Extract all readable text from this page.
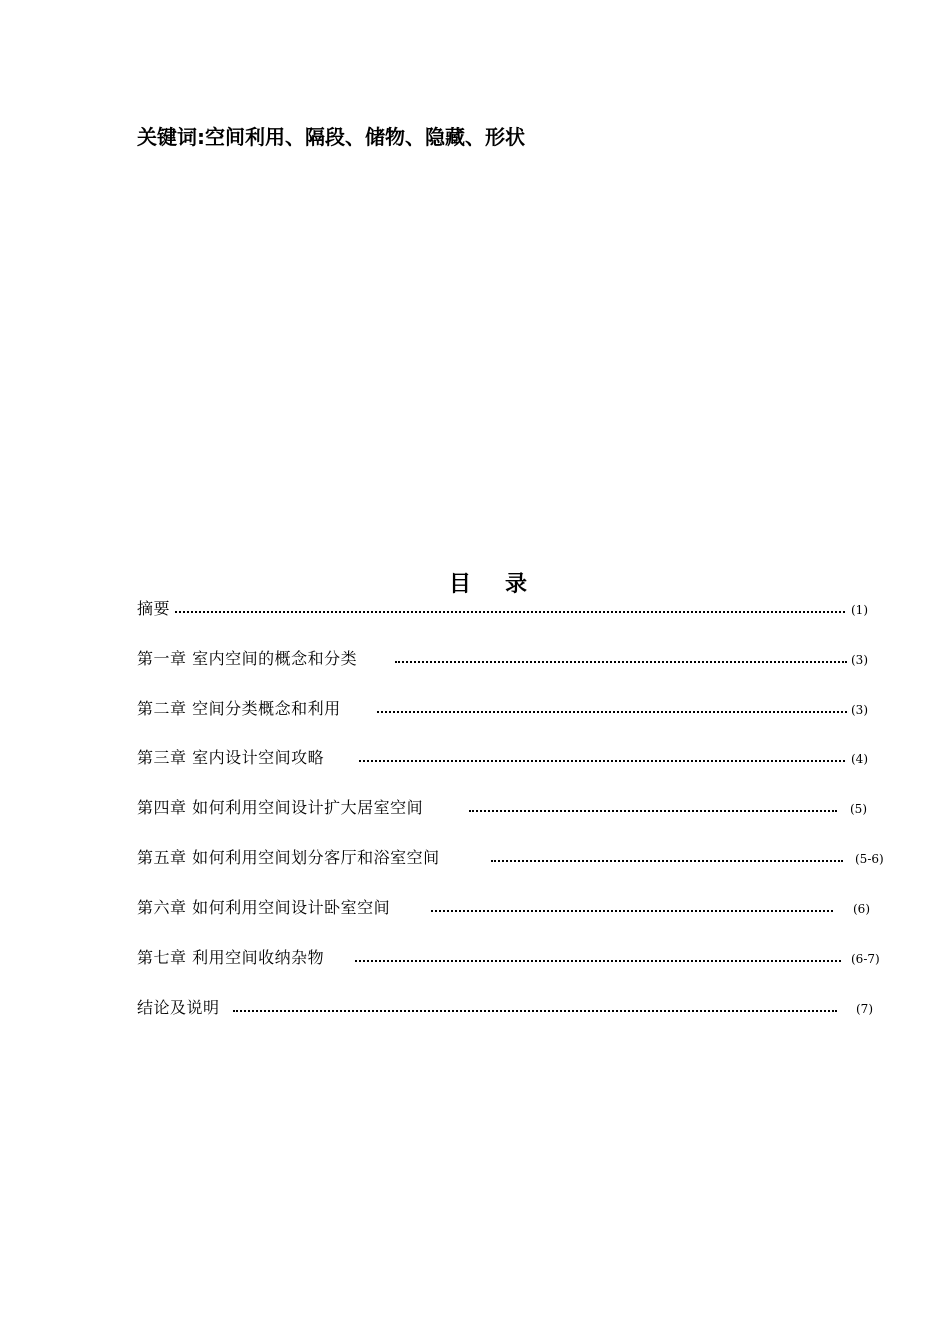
关键词:空间利用、隔段、储物、隐藏、形状
目录
摘要	(1)
第一章 室内空间的概念和分类	(3)
第二章 空间分类概念和利用	(3)
第三章 室内设计空间攻略	(4)
第四章 如何利用空间设计扩大居室空间	(5)
第五章 如何利用空间划分客厅和浴室空间	(5-6)
第六章 如何利用空间设计卧室空间	(6)
第七章 利用空间收纳杂物	(6-7)
结论及说明	(7)
